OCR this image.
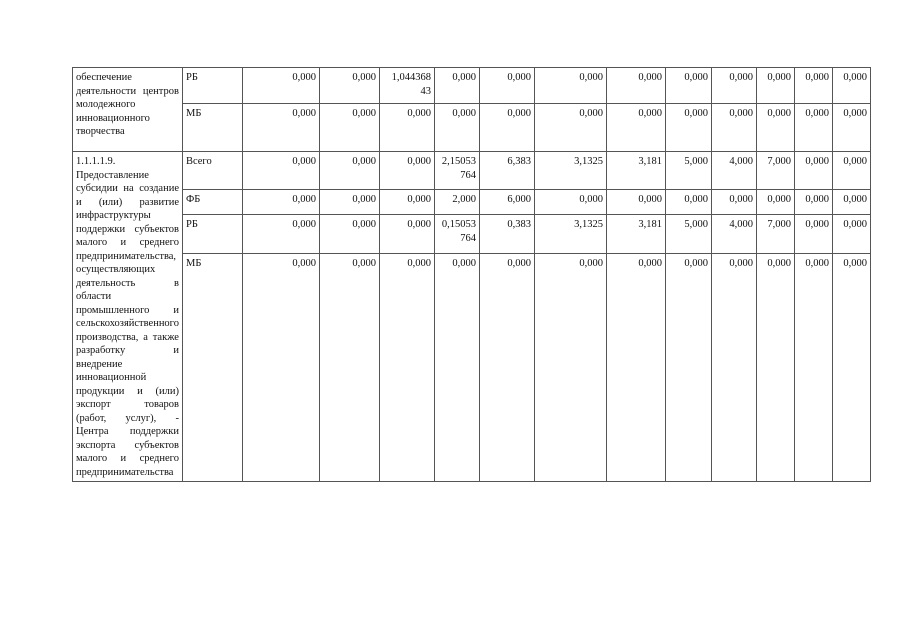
обеспечение деятельности центров молодежного инновационного творчества	РБ	0,000	0,000	1,044368
43	0,000	0,000	0,000	0,000	0,000	0,000	0,000	0,000	0,000
	МБ	0,000	0,000	0,000	0,000	0,000	0,000	0,000	0,000	0,000	0,000	0,000	0,000
1.1.1.1.9. Предоставление субсидии на создание и (или) развитие инфраструктуры поддержки субъектов малого и среднего предпринимательства, осуществляющих деятельность в области промышленного и сельскохозяйственного производства, а также разработку и внедрение инновационной продукции и (или) экспорт товаров (работ, услуг), - Центра поддержки экспорта субъектов малого и среднего предпринимательства	Всего	0,000	0,000	0,000	2,15053
764	6,383	3,1325	3,181	5,000	4,000	7,000	0,000	0,000
	ФБ	0,000	0,000	0,000	2,000	6,000	0,000	0,000	0,000	0,000	0,000	0,000	0,000
	РБ	0,000	0,000	0,000	0,15053
764	0,383	3,1325	3,181	5,000	4,000	7,000	0,000	0,000
	МБ	0,000	0,000	0,000	0,000	0,000	0,000	0,000	0,000	0,000	0,000	0,000	0,000
